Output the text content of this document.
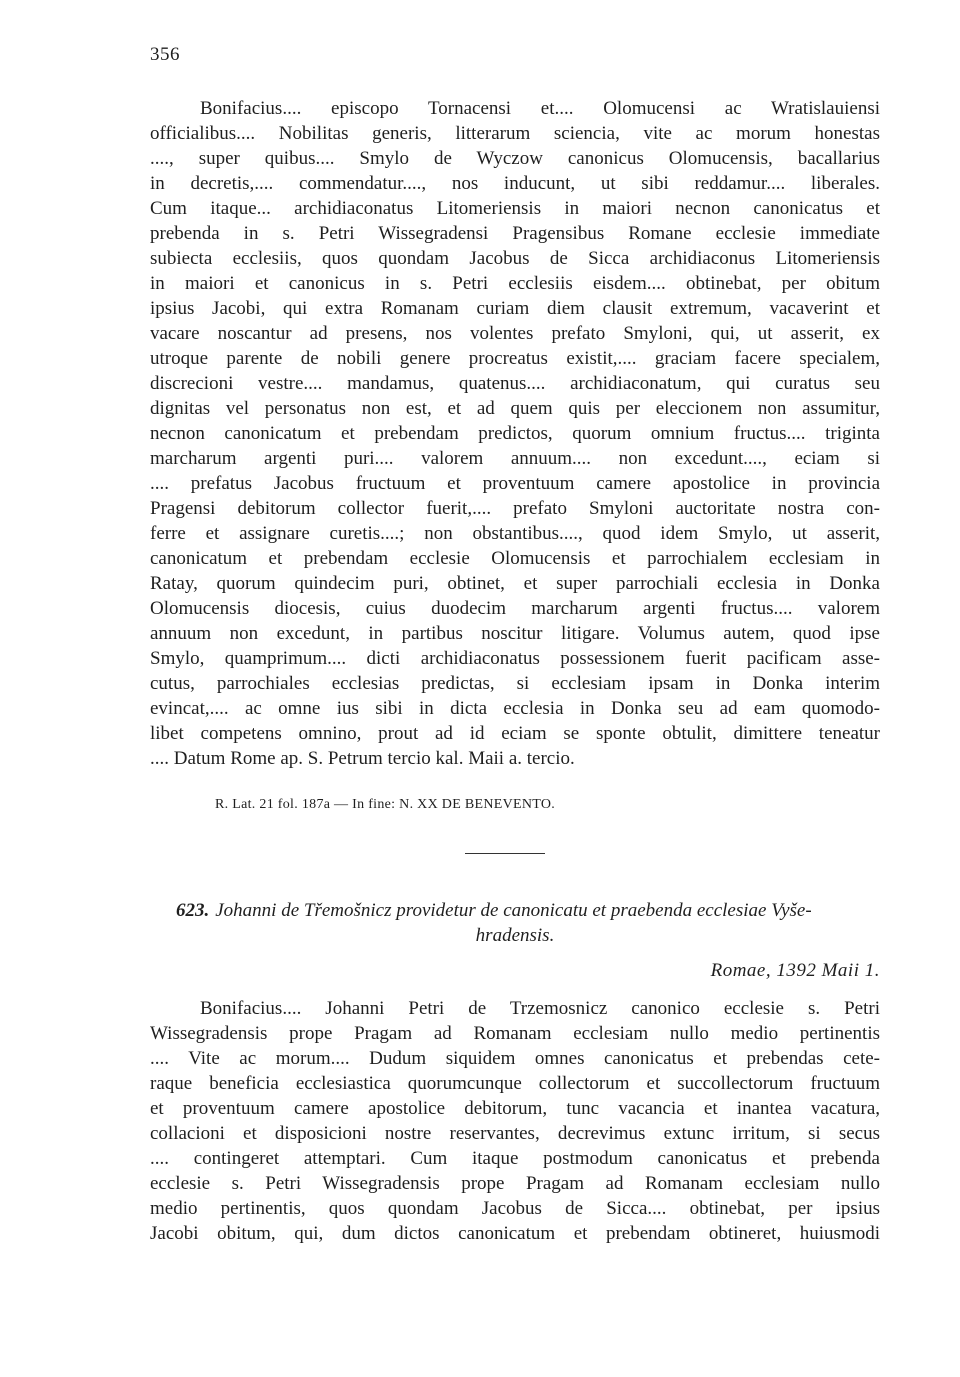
356
Bonifacius.... episcopo Tornacensi et.... Olomucensi ac Wratislauiensi
officialibus.... Nobilitas generis, litterarum sciencia, vite ac morum honestas
...., super quibus.... Smylo de Wyczow canonicus Olomucensis, bacallarius
in decretis,.... commendatur...., nos inducunt, ut sibi reddamur.... liberales.
Cum itaque... archidiaconatus Litomeriensis in maiori necnon canonicatus et
prebenda in s. Petri Wissegradensi Pragensibus Romane ecclesie immediate
subiecta ecclesiis, quos quondam Jacobus de Sicca archidiaconus Litomeriensis
in maiori et canonicus in s. Petri ecclesiis eisdem.... obtinebat, per obitum
ipsius Jacobi, qui extra Romanam curiam diem clausit extremum, vacaverint et
vacare noscantur ad presens, nos volentes prefato Smyloni, qui, ut asserit, ex
utroque parente de nobili genere procreatus existit,.... graciam facere specialem,
discrecioni vestre.... mandamus, quatenus.... archidiaconatum, qui curatus seu
dignitas vel personatus non est, et ad quem quis per eleccionem non assumitur,
necnon canonicatum et prebendam predictos, quorum omnium fructus.... triginta
marcharum argenti puri.... valorem annuum.... non excedunt...., eciam si
.... prefatus Jacobus fructuum et proventuum camere apostolice in provincia
Pragensi debitorum collector fuerit,.... prefato Smyloni auctoritate nostra con-
ferre et assignare curetis....; non obstantibus...., quod idem Smylo, ut asserit,
canonicatum et prebendam ecclesie Olomucensis et parrochialem ecclesiam in
Ratay, quorum quindecim puri, obtinet, et super parrochiali ecclesia in Donka
Olomucensis diocesis, cuius duodecim marcharum argenti fructus.... valorem
annuum non excedunt, in partibus noscitur litigare. Volumus autem, quod ipse
Smylo, quamprimum.... dicti archidiaconatus possessionem fuerit pacificam asse-
cutus, parrochiales ecclesias predictas, si ecclesiam ipsam in Donka interim
evincat,.... ac omne ius sibi in dicta ecclesia in Donka seu ad eam quomodo-
libet competens omnino, prout ad id eciam se sponte obtulit, dimittere teneatur
.... Datum Rome ap. S. Petrum tercio kal. Maii a. tercio.
R. Lat. 21 fol. 187a — In fine: N. XX DE BENEVENTO.
623. Johanni de Třemošnicz providetur de canonicatu et praebenda ecclesiae Vyše-
hradensis.
Romae, 1392 Maii 1.
Bonifacius.... Johanni Petri de Trzemosnicz canonico ecclesie s. Petri
Wissegradensis prope Pragam ad Romanam ecclesiam nullo medio pertinentis
.... Vite ac morum.... Dudum siquidem omnes canonicatus et prebendas cete-
raque beneficia ecclesiastica quorumcunque collectorum et succollectorum fructuum
et proventuum camere apostolice debitorum, tunc vacancia et inantea vacatura,
collacioni et disposicioni nostre reservantes, decrevimus extunc irritum, si secus
.... contingeret attemptari. Cum itaque postmodum canonicatus et prebenda
ecclesie s. Petri Wissegradensis prope Pragam ad Romanam ecclesiam nullo
medio pertinentis, quos quondam Jacobus de Sicca.... obtinebat, per ipsius
Jacobi obitum, qui, dum dictos canonicatum et prebendam obtineret, huiusmodi
